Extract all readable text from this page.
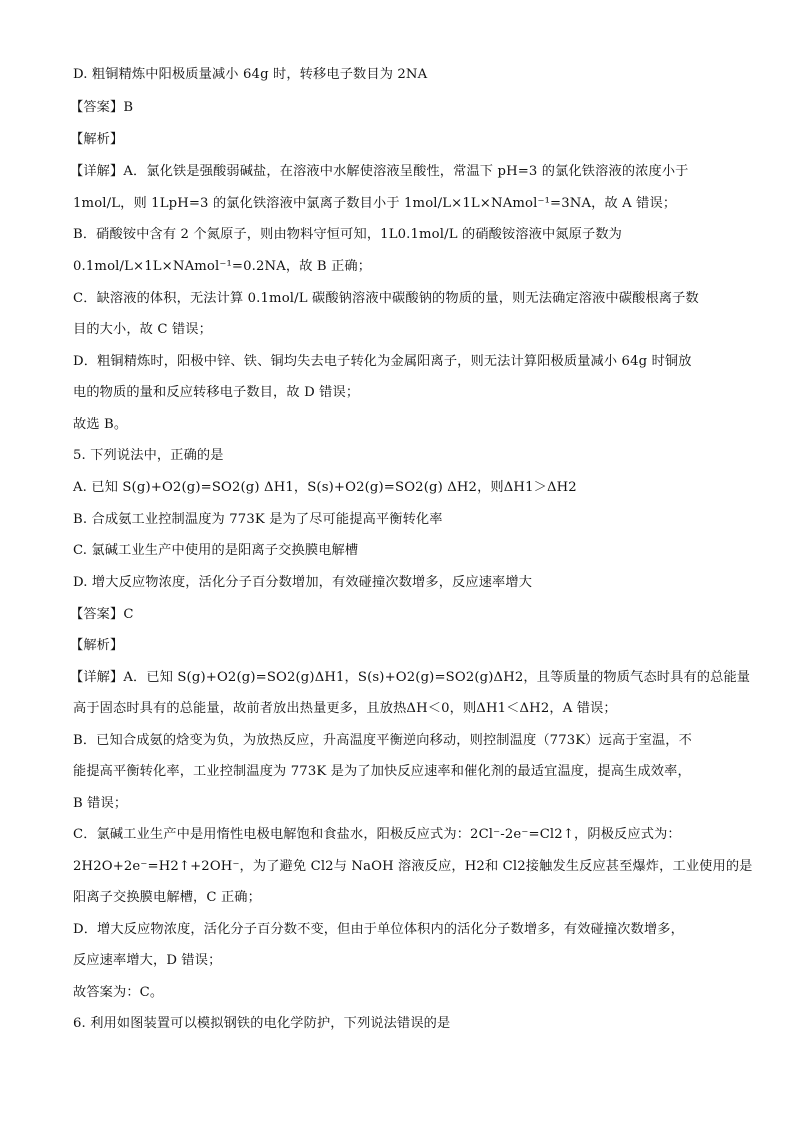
D. 粗铜精炼中阳极质量减小 64g 时，转移电子数目为 2NA
【答案】B
【解析】
【详解】A．氯化铁是强酸弱碱盐，在溶液中水解使溶液呈酸性，常温下 pH=3 的氯化铁溶液的浓度小于
1mol/L，则 1LpH=3 的氯化铁溶液中氯离子数目小于 1mol/L×1L×NAmol⁻¹=3NA，故 A 错误；
B．硝酸铵中含有 2 个氮原子，则由物料守恒可知，1L0.1mol/L 的硝酸铵溶液中氮原子数为
0.1mol/L×1L×NAmol⁻¹=0.2NA，故 B 正确；
C．缺溶液的体积，无法计算 0.1mol/L 碳酸钠溶液中碳酸钠的物质的量，则无法确定溶液中碳酸根离子数
目的大小，故 C 错误；
D．粗铜精炼时，阳极中锌、铁、铜均失去电子转化为金属阳离子，则无法计算阳极质量减小 64g 时铜放
电的物质的量和反应转移电子数目，故 D 错误；
故选 B。
5. 下列说法中，正确的是
A. 已知 S(g)+O2(g)=SO2(g) ΔH1，S(s)+O2(g)=SO2(g) ΔH2，则ΔH1＞ΔH2
B. 合成氨工业控制温度为 773K 是为了尽可能提高平衡转化率
C. 氯碱工业生产中使用的是阳离子交换膜电解槽
D. 增大反应物浓度，活化分子百分数增加，有效碰撞次数增多，反应速率增大
【答案】C
【解析】
【详解】A．已知 S(g)+O2(g)=SO2(g)ΔH1，S(s)+O2(g)=SO2(g)ΔH2，且等质量的物质气态时具有的总能量
高于固态时具有的总能量，故前者放出热量更多，且放热ΔH＜0，则ΔH1＜ΔH2，A 错误；
B．已知合成氨的焓变为负，为放热反应，升高温度平衡逆向移动，则控制温度（773K）远高于室温，不
能提高平衡转化率，工业控制温度为 773K 是为了加快反应速率和催化剂的最适宜温度，提高生成效率，
B 错误；
C．氯碱工业生产中是用惰性电极电解饱和食盐水，阳极反应式为：2Cl⁻-2e⁻=Cl2↑，阴极反应式为：
2H2O+2e⁻=H2↑+2OH⁻，为了避免 Cl2与 NaOH 溶液反应，H2和 Cl2接触发生反应甚至爆炸，工业使用的是
阳离子交换膜电解槽，C 正确；
D．增大反应物浓度，活化分子百分数不变，但由于单位体积内的活化分子数增多，有效碰撞次数增多，
反应速率增大，D 错误；
故答案为：C。
6. 利用如图装置可以模拟钢铁的电化学防护，下列说法错误的是
